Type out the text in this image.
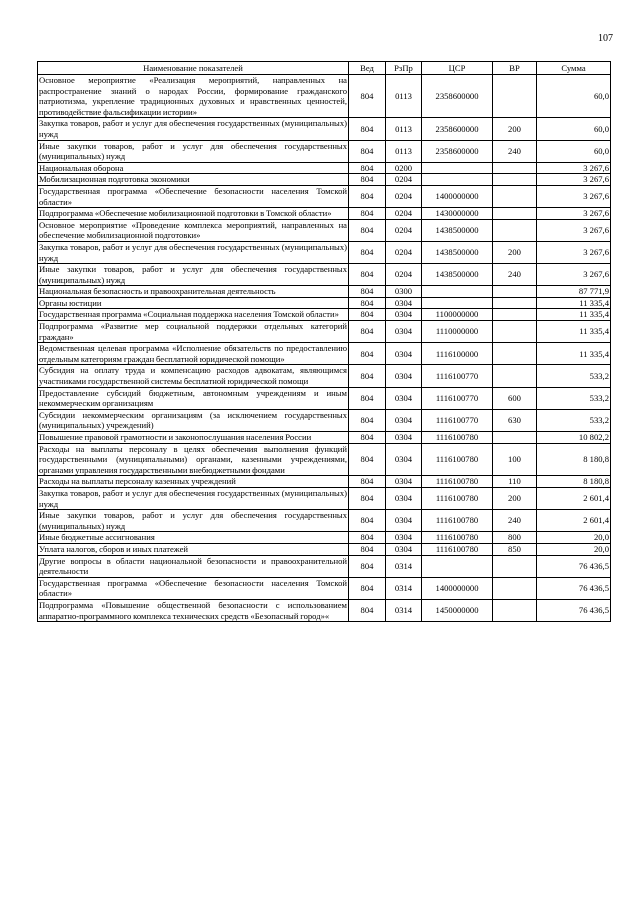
107
Наименование показателей	Вед	РзПр	ЦСР	ВР	Сумма
Основное мероприятие «Реализация мероприятий, направленных на распространение знаний о народах России, формирование гражданского патриотизма, укрепление традиционных духовных и нравственных ценностей, противодействие фальсификации истории»	804	0113	2358600000		60,0
Закупка товаров, работ и услуг для обеспечения государственных (муниципальных) нужд	804	0113	2358600000	200	60,0
Иные закупки товаров, работ и услуг для обеспечения государственных (муниципальных) нужд	804	0113	2358600000	240	60,0
Национальная оборона	804	0200			3 267,6
Мобилизационная подготовка экономики	804	0204			3 267,6
Государственная программа «Обеспечение безопасности населения Томской области»	804	0204	1400000000		3 267,6
Подпрограмма «Обеспечение мобилизационной подготовки в Томской области»	804	0204	1430000000		3 267,6
Основное мероприятие «Проведение комплекса мероприятий, направленных на обеспечение мобилизационной подготовки»	804	0204	1438500000		3 267,6
Закупка товаров, работ и услуг для обеспечения государственных (муниципальных) нужд	804	0204	1438500000	200	3 267,6
Иные закупки товаров, работ и услуг для обеспечения государственных (муниципальных) нужд	804	0204	1438500000	240	3 267,6
Национальная безопасность и правоохранительная деятельность	804	0300			87 771,9
Органы юстиции	804	0304			11 335,4
Государственная программа «Социальная поддержка населения Томской области»	804	0304	1100000000		11 335,4
Подпрограмма «Развитие мер социальной поддержки отдельных категорий граждан»	804	0304	1110000000		11 335,4
Ведомственная целевая программа «Исполнение обязательств по предоставлению отдельным категориям граждан бесплатной юридической помощи»	804	0304	1116100000		11 335,4
Субсидия на оплату труда и компенсацию расходов адвокатам, являющимся участниками государственной системы бесплатной юридической помощи	804	0304	1116100770		533,2
Предоставление субсидий бюджетным, автономным учреждениям и иным некоммерческим организациям	804	0304	1116100770	600	533,2
Субсидии некоммерческим организациям (за исключением государственных (муниципальных) учреждений)	804	0304	1116100770	630	533,2
Повышение правовой грамотности и законопослушания населения России	804	0304	1116100780		10 802,2
Расходы на выплаты персоналу в целях обеспечения выполнения функций государственными (муниципальными) органами, казенными учреждениями, органами управления государственными внебюджетными фондами	804	0304	1116100780	100	8 180,8
Расходы на выплаты персоналу казенных учреждений	804	0304	1116100780	110	8 180,8
Закупка товаров, работ и услуг для обеспечения государственных (муниципальных) нужд	804	0304	1116100780	200	2 601,4
Иные закупки товаров, работ и услуг для обеспечения государственных (муниципальных) нужд	804	0304	1116100780	240	2 601,4
Иные бюджетные ассигнования	804	0304	1116100780	800	20,0
Уплата налогов, сборов и иных платежей	804	0304	1116100780	850	20,0
Другие вопросы в области национальной безопасности и правоохранительной деятельности	804	0314			76 436,5
Государственная программа «Обеспечение безопасности населения Томской области»	804	0314	1400000000		76 436,5
Подпрограмма «Повышение общественной безопасности с использованием аппаратно-программного комплекса технических средств «Безопасный город»«	804	0314	1450000000		76 436,5
